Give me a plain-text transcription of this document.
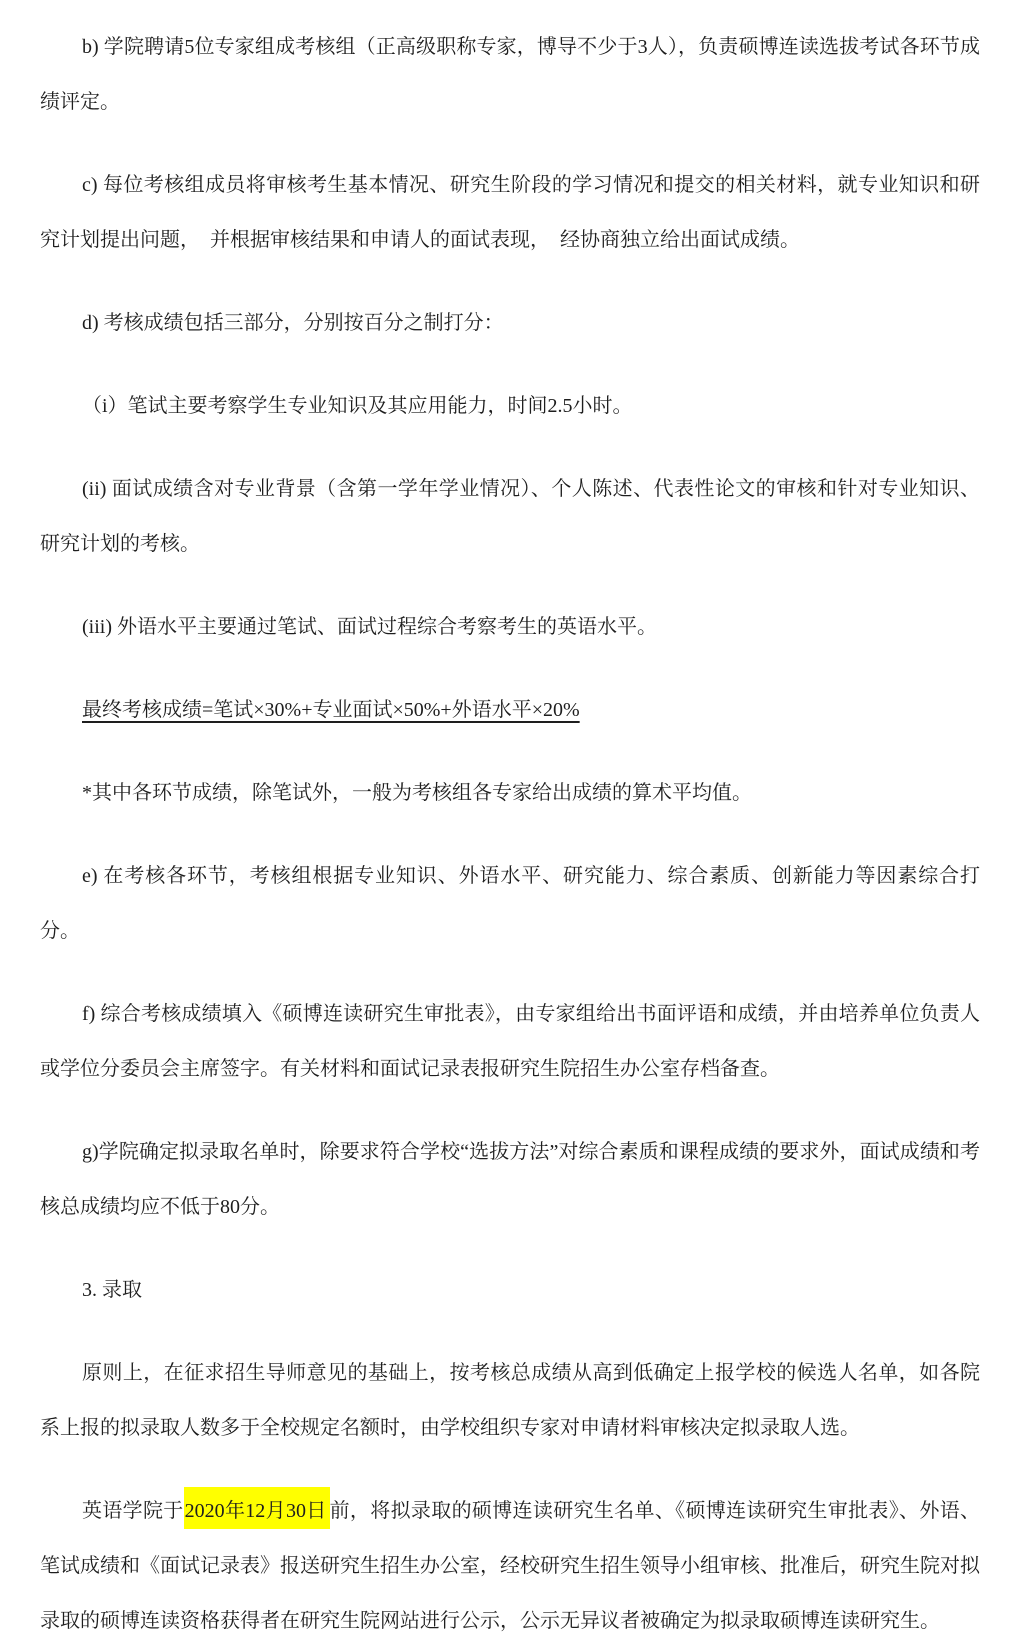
b) 学院聘请5位专家组成考核组（正高级职称专家，博导不少于3人），负责硕博连读选拔考试各环节成绩评定。

c) 每位考核组成员将审核考生基本情况、研究生阶段的学习情况和提交的相关材料，就专业知识和研究计划提出问题，　并根据审核结果和申请人的面试表现，　经协商独立给出面试成绩。

d) 考核成绩包括三部分，分别按百分之制打分：

（i）笔试主要考察学生专业知识及其应用能力，时间2.5小时。

(ii) 面试成绩含对专业背景（含第一学年学业情况）、个人陈述、代表性论文的审核和针对专业知识、研究计划的考核。

(iii) 外语水平主要通过笔试、面试过程综合考察考生的英语水平。

最终考核成绩=笔试×30%+专业面试×50%+外语水平×20%

*其中各环节成绩，除笔试外，一般为考核组各专家给出成绩的算术平均值。

e) 在考核各环节，考核组根据专业知识、外语水平、研究能力、综合素质、创新能力等因素综合打分。

f) 综合考核成绩填入《硕博连读研究生审批表》，由专家组给出书面评语和成绩，并由培养单位负责人或学位分委员会主席签字。有关材料和面试记录表报研究生院招生办公室存档备查。

g)学院确定拟录取名单时，除要求符合学校“选拔方法”对综合素质和课程成绩的要求外，面试成绩和考核总成绩均应不低于80分。

3. 录取

原则上，在征求招生导师意见的基础上，按考核总成绩从高到低确定上报学校的候选人名单，如各院系上报的拟录取人数多于全校规定名额时，由学校组织专家对申请材料审核决定拟录取人选。

英语学院于2020年12月30日 前，将拟录取的硕博连读研究生名单、《硕博连读研究生审批表》、外语、笔试成绩和《面试记录表》报送研究生招生办公室，经校研究生招生领导小组审核、批准后，研究生院对拟录取的硕博连读资格获得者在研究生院网站进行公示，公示无异议者被确定为拟录取硕博连读研究生。
